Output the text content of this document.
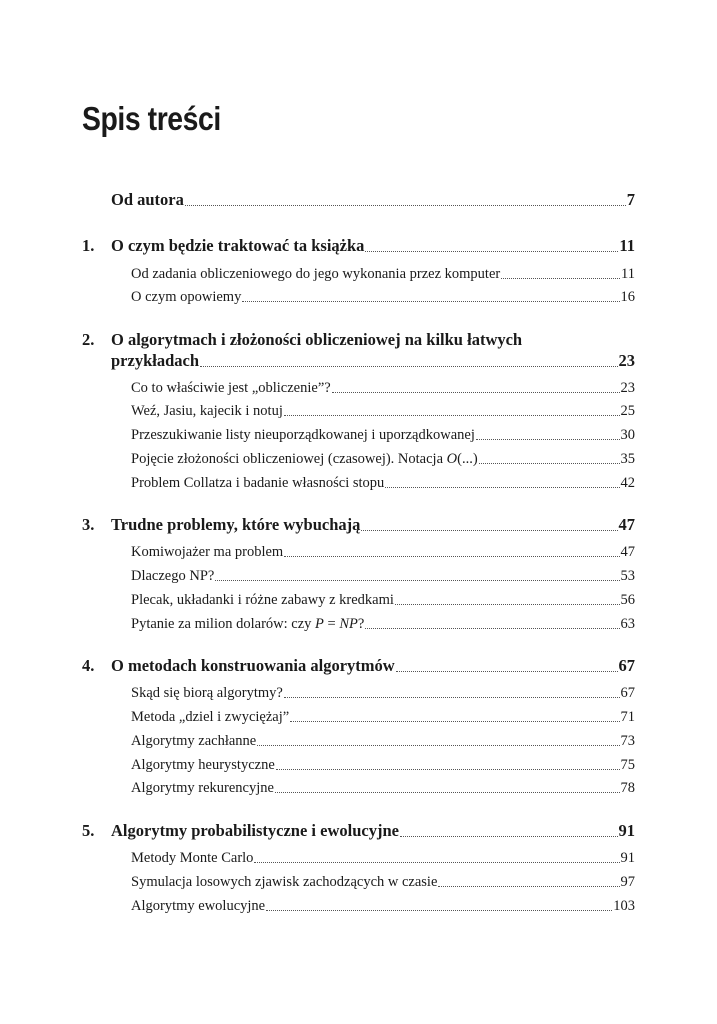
Spis treści
Od autora	7
1. O czym będzie traktować ta książka	11
Od zadania obliczeniowego do jego wykonania przez komputer	11
O czym opowiemy	16
2. O algorytmach i złożoności obliczeniowej na kilku łatwych
przykładach	23
Co to właściwie jest „obliczenie”?	23
Weź, Jasiu, kajecik i notuj	25
Przeszukiwanie listy nieuporządkowanej i uporządkowanej	30
Pojęcie złożoności obliczeniowej (czasowej). Notacja O(...)	35
Problem Collatza i badanie własności stopu	42
3. Trudne problemy, które wybuchają	47
Komiwojażer ma problem	47
Dlaczego NP?	53
Plecak, układanki i różne zabawy z kredkami	56
Pytanie za milion dolarów: czy P = NP?	63
4. O metodach konstruowania algorytmów	67
Skąd się biorą algorytmy?	67
Metoda „dziel i zwyciężaj”	71
Algorytmy zachłanne	73
Algorytmy heurystyczne	75
Algorytmy rekurencyjne	78
5. Algorytmy probabilistyczne i ewolucyjne	91
Metody Monte Carlo	91
Symulacja losowych zjawisk zachodzących w czasie	97
Algorytmy ewolucyjne	103
